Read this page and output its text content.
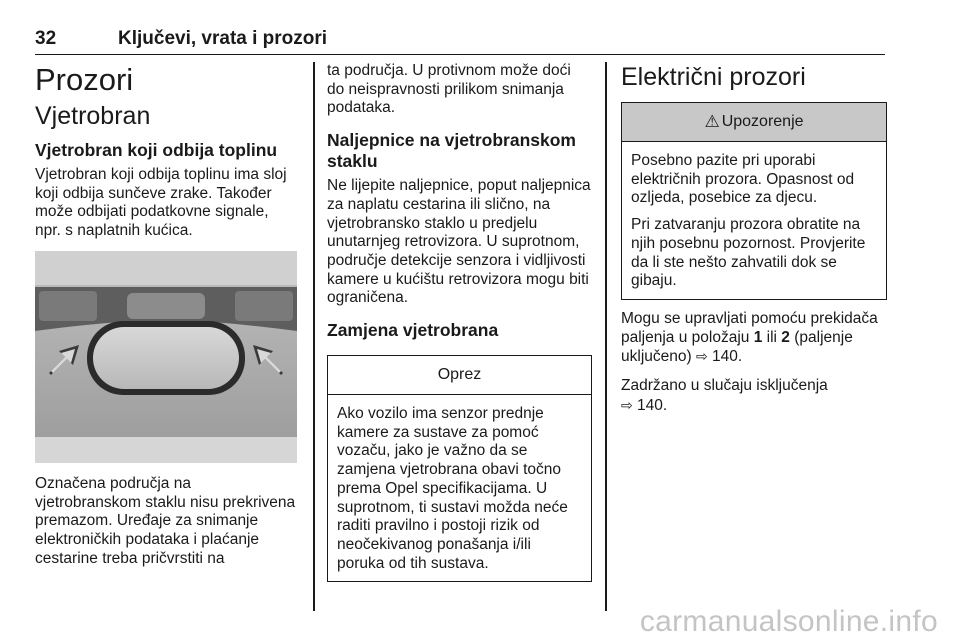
32	Ključevi, vrata i prozori
Prozori
Vjetrobran
Vjetrobran koji odbija toplinu

Vjetrobran koji odbija toplinu ima sloj koji odbija sunčeve zrake. Također može odbijati podatkovne signale, npr. s naplatnih kućica.

Označena područja na vjetrobranskom staklu nisu prekrivena premazom. Uređaje za snimanje elektroničkih podataka i plaćanje cestarine treba pričvrstiti na

ta područja. U protivnom može doći do neispravnosti prilikom snimanja podataka.

Naljepnice na vjetrobranskom staklu

Ne lijepite naljepnice, poput naljepnica za naplatu cestarina ili slično, na vjetrobransko staklo u predjelu unutarnjeg retrovizora. U suprotnom, područje detekcije senzora i vidljivosti kamere u kućištu retrovizora mogu biti ograničena.

Zamjena vjetrobrana
Oprez

Ako vozilo ima senzor prednje kamere za sustave za pomoć vozaču, jako je važno da se zamjena vjetrobrana obavi točno prema Opel specifikacijama. U suprotnom, ti sustavi možda neće raditi pravilno i postoji rizik od neočekivanog ponašanja i/ili poruka od tih sustava.

Električni prozori
⚠ Upozorenje

Posebno pazite pri uporabi električnih prozora. Opasnost od ozljeda, posebice za djecu.

Pri zatvaranju prozora obratite na njih posebnu pozornost. Provjerite da li ste nešto zahvatili dok se gibaju.

Mogu se upravljati pomoću prekidača paljenja u položaju 1 ili 2 (paljenje uključeno) ⇨ 140.

Zadržano u slučaju isključenja
⇨ 140.

carmanualsonline.info
